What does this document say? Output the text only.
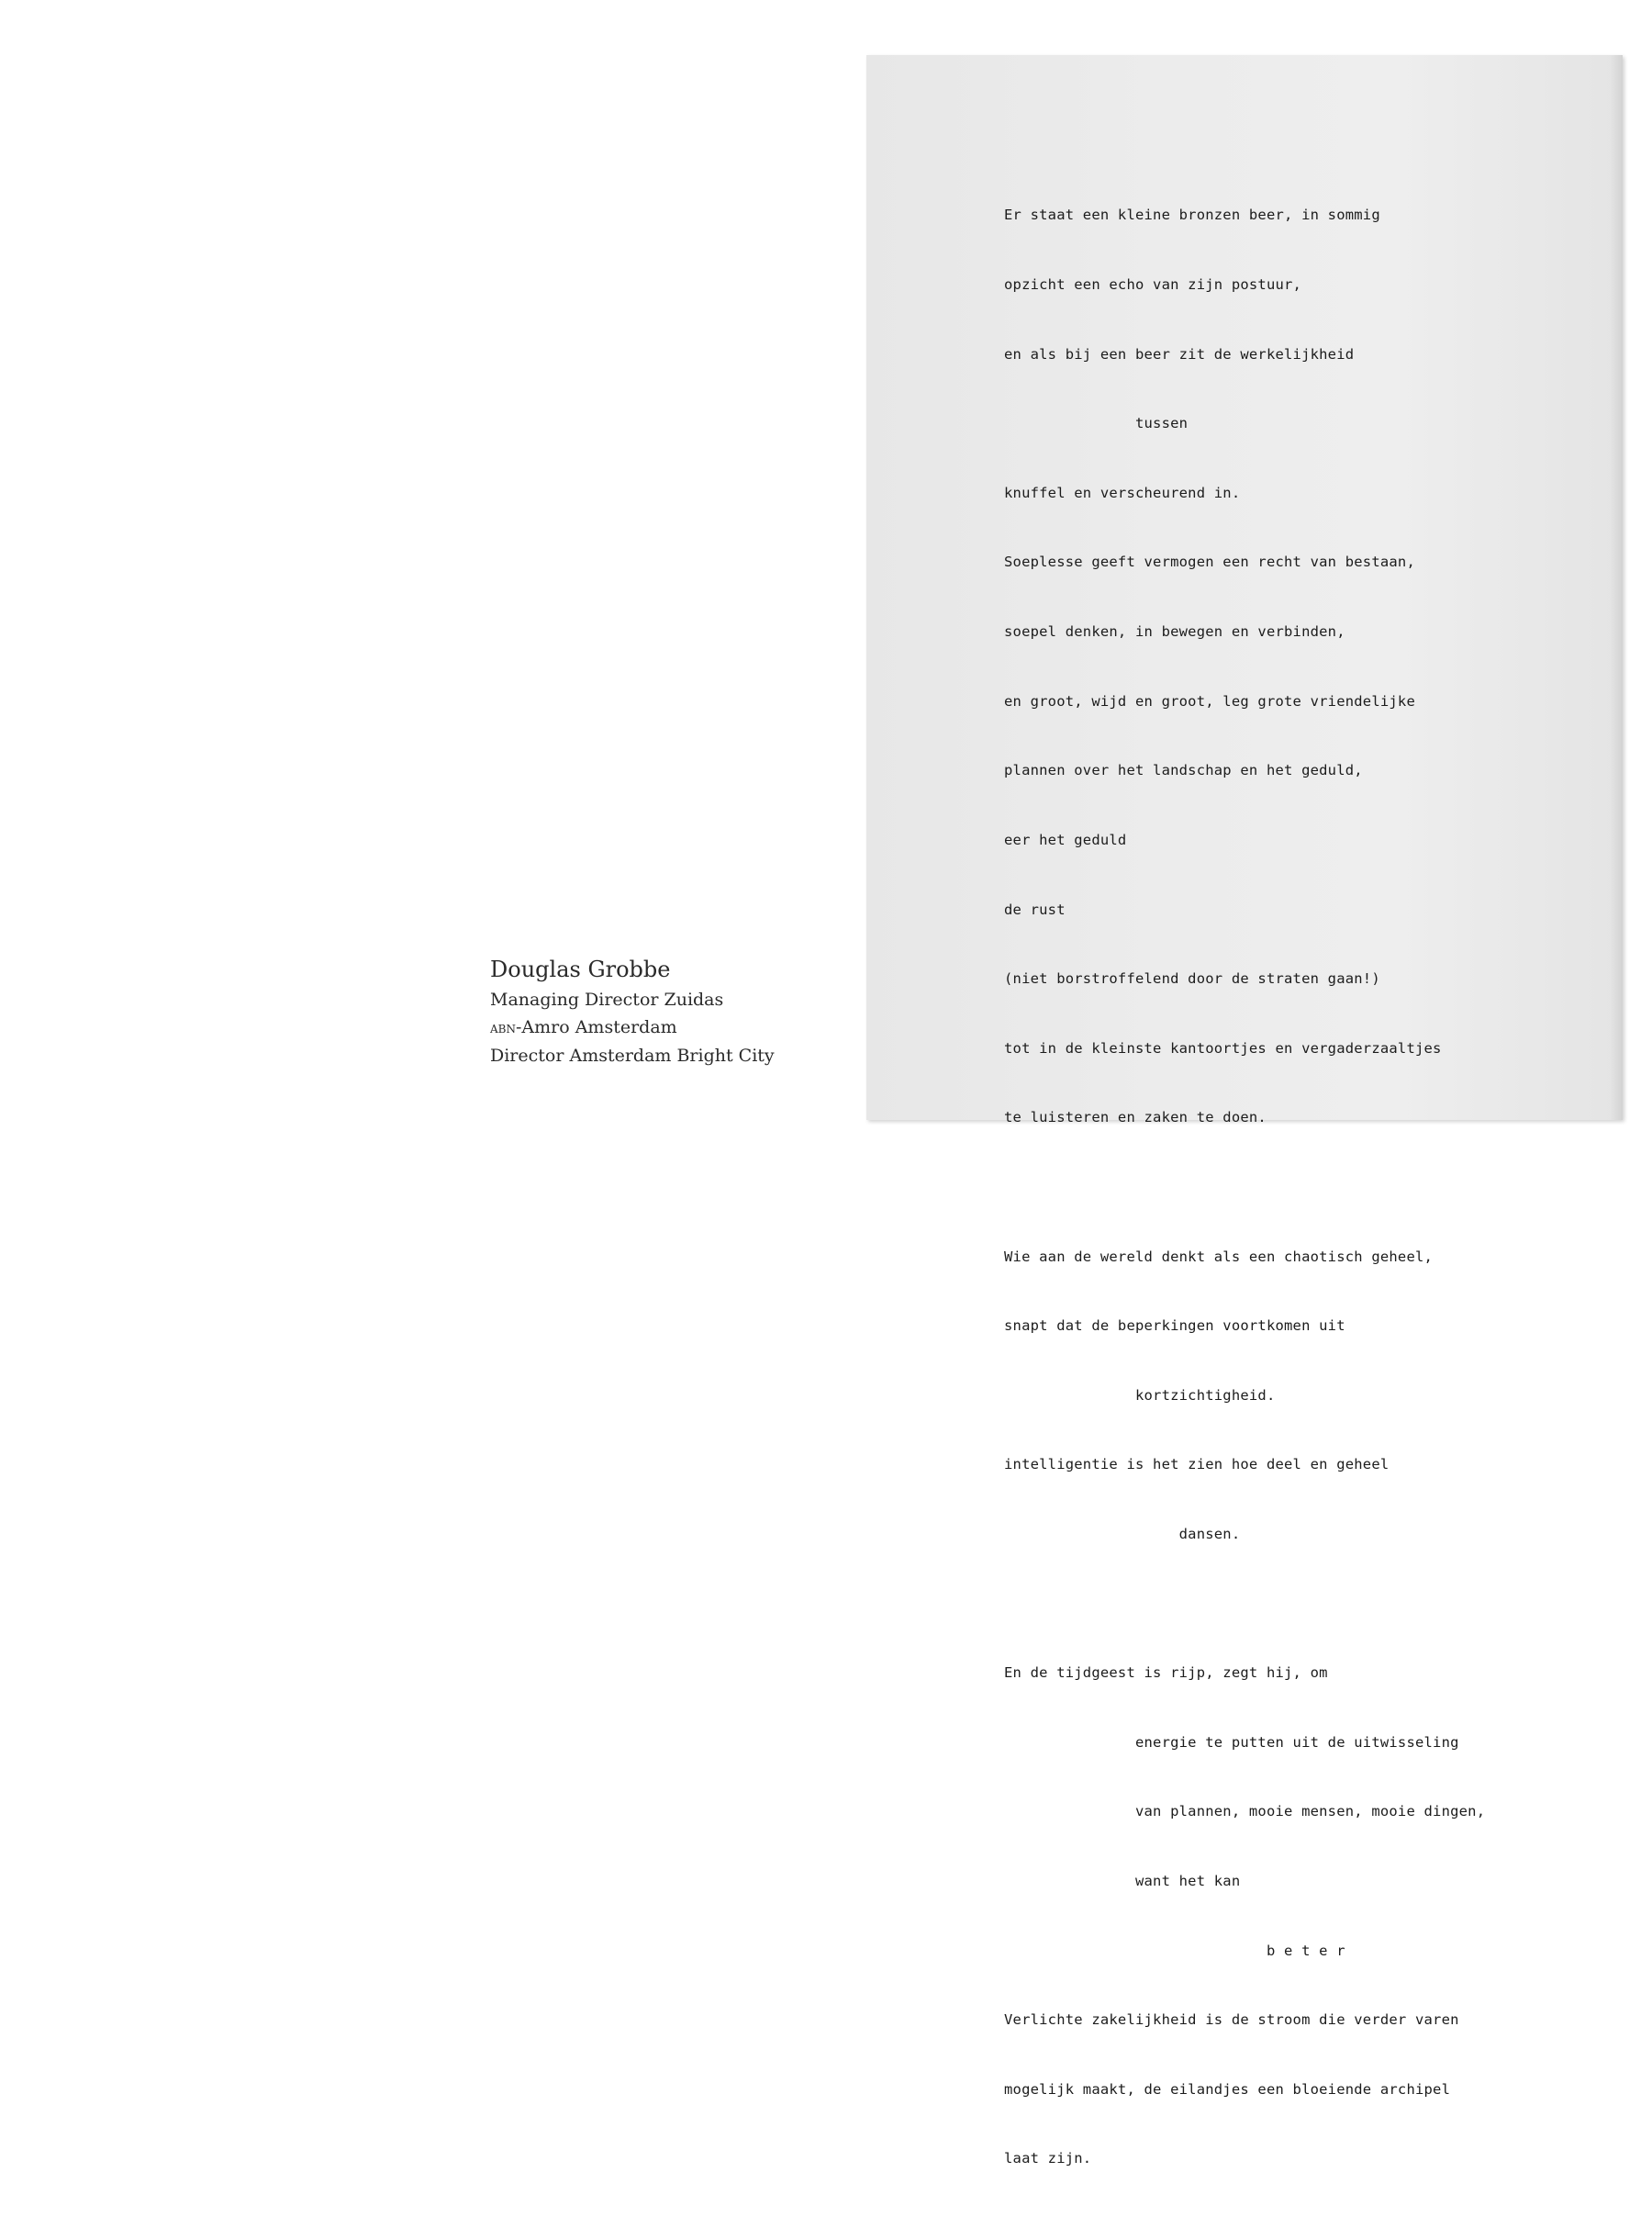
Douglas Grobbe
Managing Director Zuidas
abn-Amro Amsterdam
Director Amsterdam Bright City

Er staat een kleine bronzen beer, in sommig

opzicht een echo van zijn postuur,

en als bij een beer zit de werkelijkheid

tussen

knuffel en verscheurend in.

Soeplesse geeft vermogen een recht van bestaan,

soepel denken, in bewegen en verbinden,

en groot, wijd en groot, leg grote vriendelijke

plannen over het landschap en het geduld,

eer het geduld

de rust

(niet borstroffelend door de straten gaan!)

tot in de kleinste kantoortjes en vergaderzaaltjes

te luisteren en zaken te doen.

Wie aan de wereld denkt als een chaotisch geheel,

snapt dat de beperkingen voortkomen uit

kortzichtigheid.

intelligentie is het zien hoe deel en geheel

dansen.

En de tijdgeest is rijp, zegt hij, om

energie te putten uit de uitwisseling

van plannen, mooie mensen, mooie dingen,

want het kan

b e t e r

Verlichte zakelijkheid is de stroom die verder varen

mogelijk maakt, de eilandjes een bloeiende archipel

laat zijn.
